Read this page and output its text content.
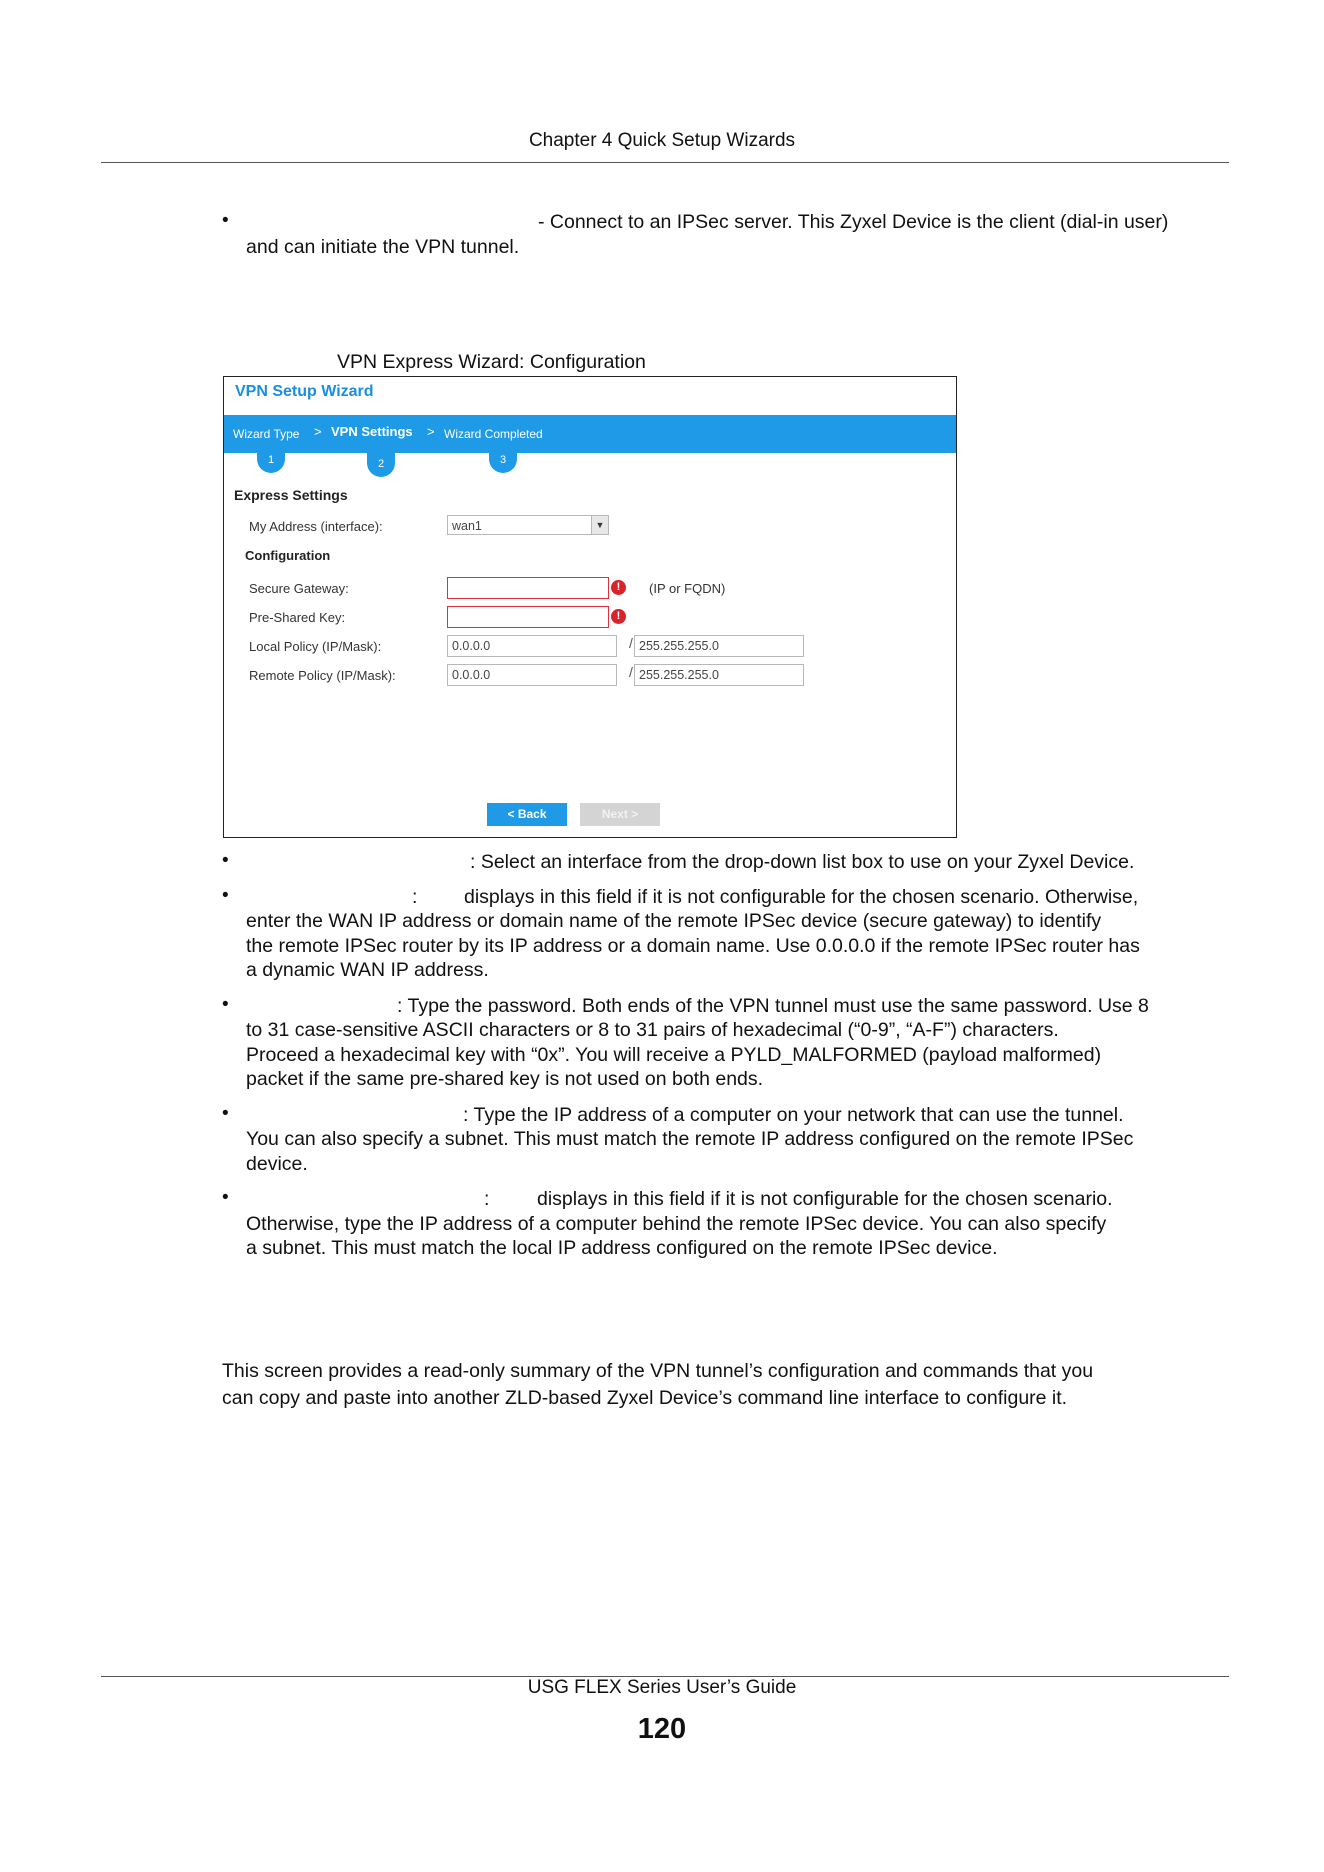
Chapter 4 Quick Setup Wizards
•	- Connect to an IPSec server. This Zyxel Device is the client (dial-in user)
and can initiate the VPN tunnel.
VPN Express Wizard: Configuration
VPN Setup Wizard
Wizard Type > VPN Settings > Wizard Completed
1	2	3
Express Settings
My Address (interface):	wan1	▼
Configuration
Secure Gateway:	!	(IP or FQDN)
Pre-Shared Key:	!
Local Policy (IP/Mask):	0.0.0.0	/ 255.255.255.0
Remote Policy (IP/Mask):	0.0.0.0	/ 255.255.255.0
< Back	Next >
•	: Select an interface from the drop-down list box to use on your Zyxel Device.
•	:	displays in this field if it is not configurable for the chosen scenario. Otherwise,
enter the WAN IP address or domain name of the remote IPSec device (secure gateway) to identify
the remote IPSec router by its IP address or a domain name. Use 0.0.0.0 if the remote IPSec router has
a dynamic WAN IP address.
•	: Type the password. Both ends of the VPN tunnel must use the same password. Use 8
to 31 case-sensitive ASCII characters or 8 to 31 pairs of hexadecimal (“0-9”, “A-F”) characters.
Proceed a hexadecimal key with “0x”. You will receive a PYLD_MALFORMED (payload malformed)
packet if the same pre-shared key is not used on both ends.
•	: Type the IP address of a computer on your network that can use the tunnel.
You can also specify a subnet. This must match the remote IP address configured on the remote IPSec
device.
•	:	displays in this field if it is not configurable for the chosen scenario.
Otherwise, type the IP address of a computer behind the remote IPSec device. You can also specify
a subnet. This must match the local IP address configured on the remote IPSec device.
This screen provides a read-only summary of the VPN tunnel’s configuration and commands that you
can copy and paste into another ZLD-based Zyxel Device’s command line interface to configure it.
USG FLEX Series User’s Guide
120
